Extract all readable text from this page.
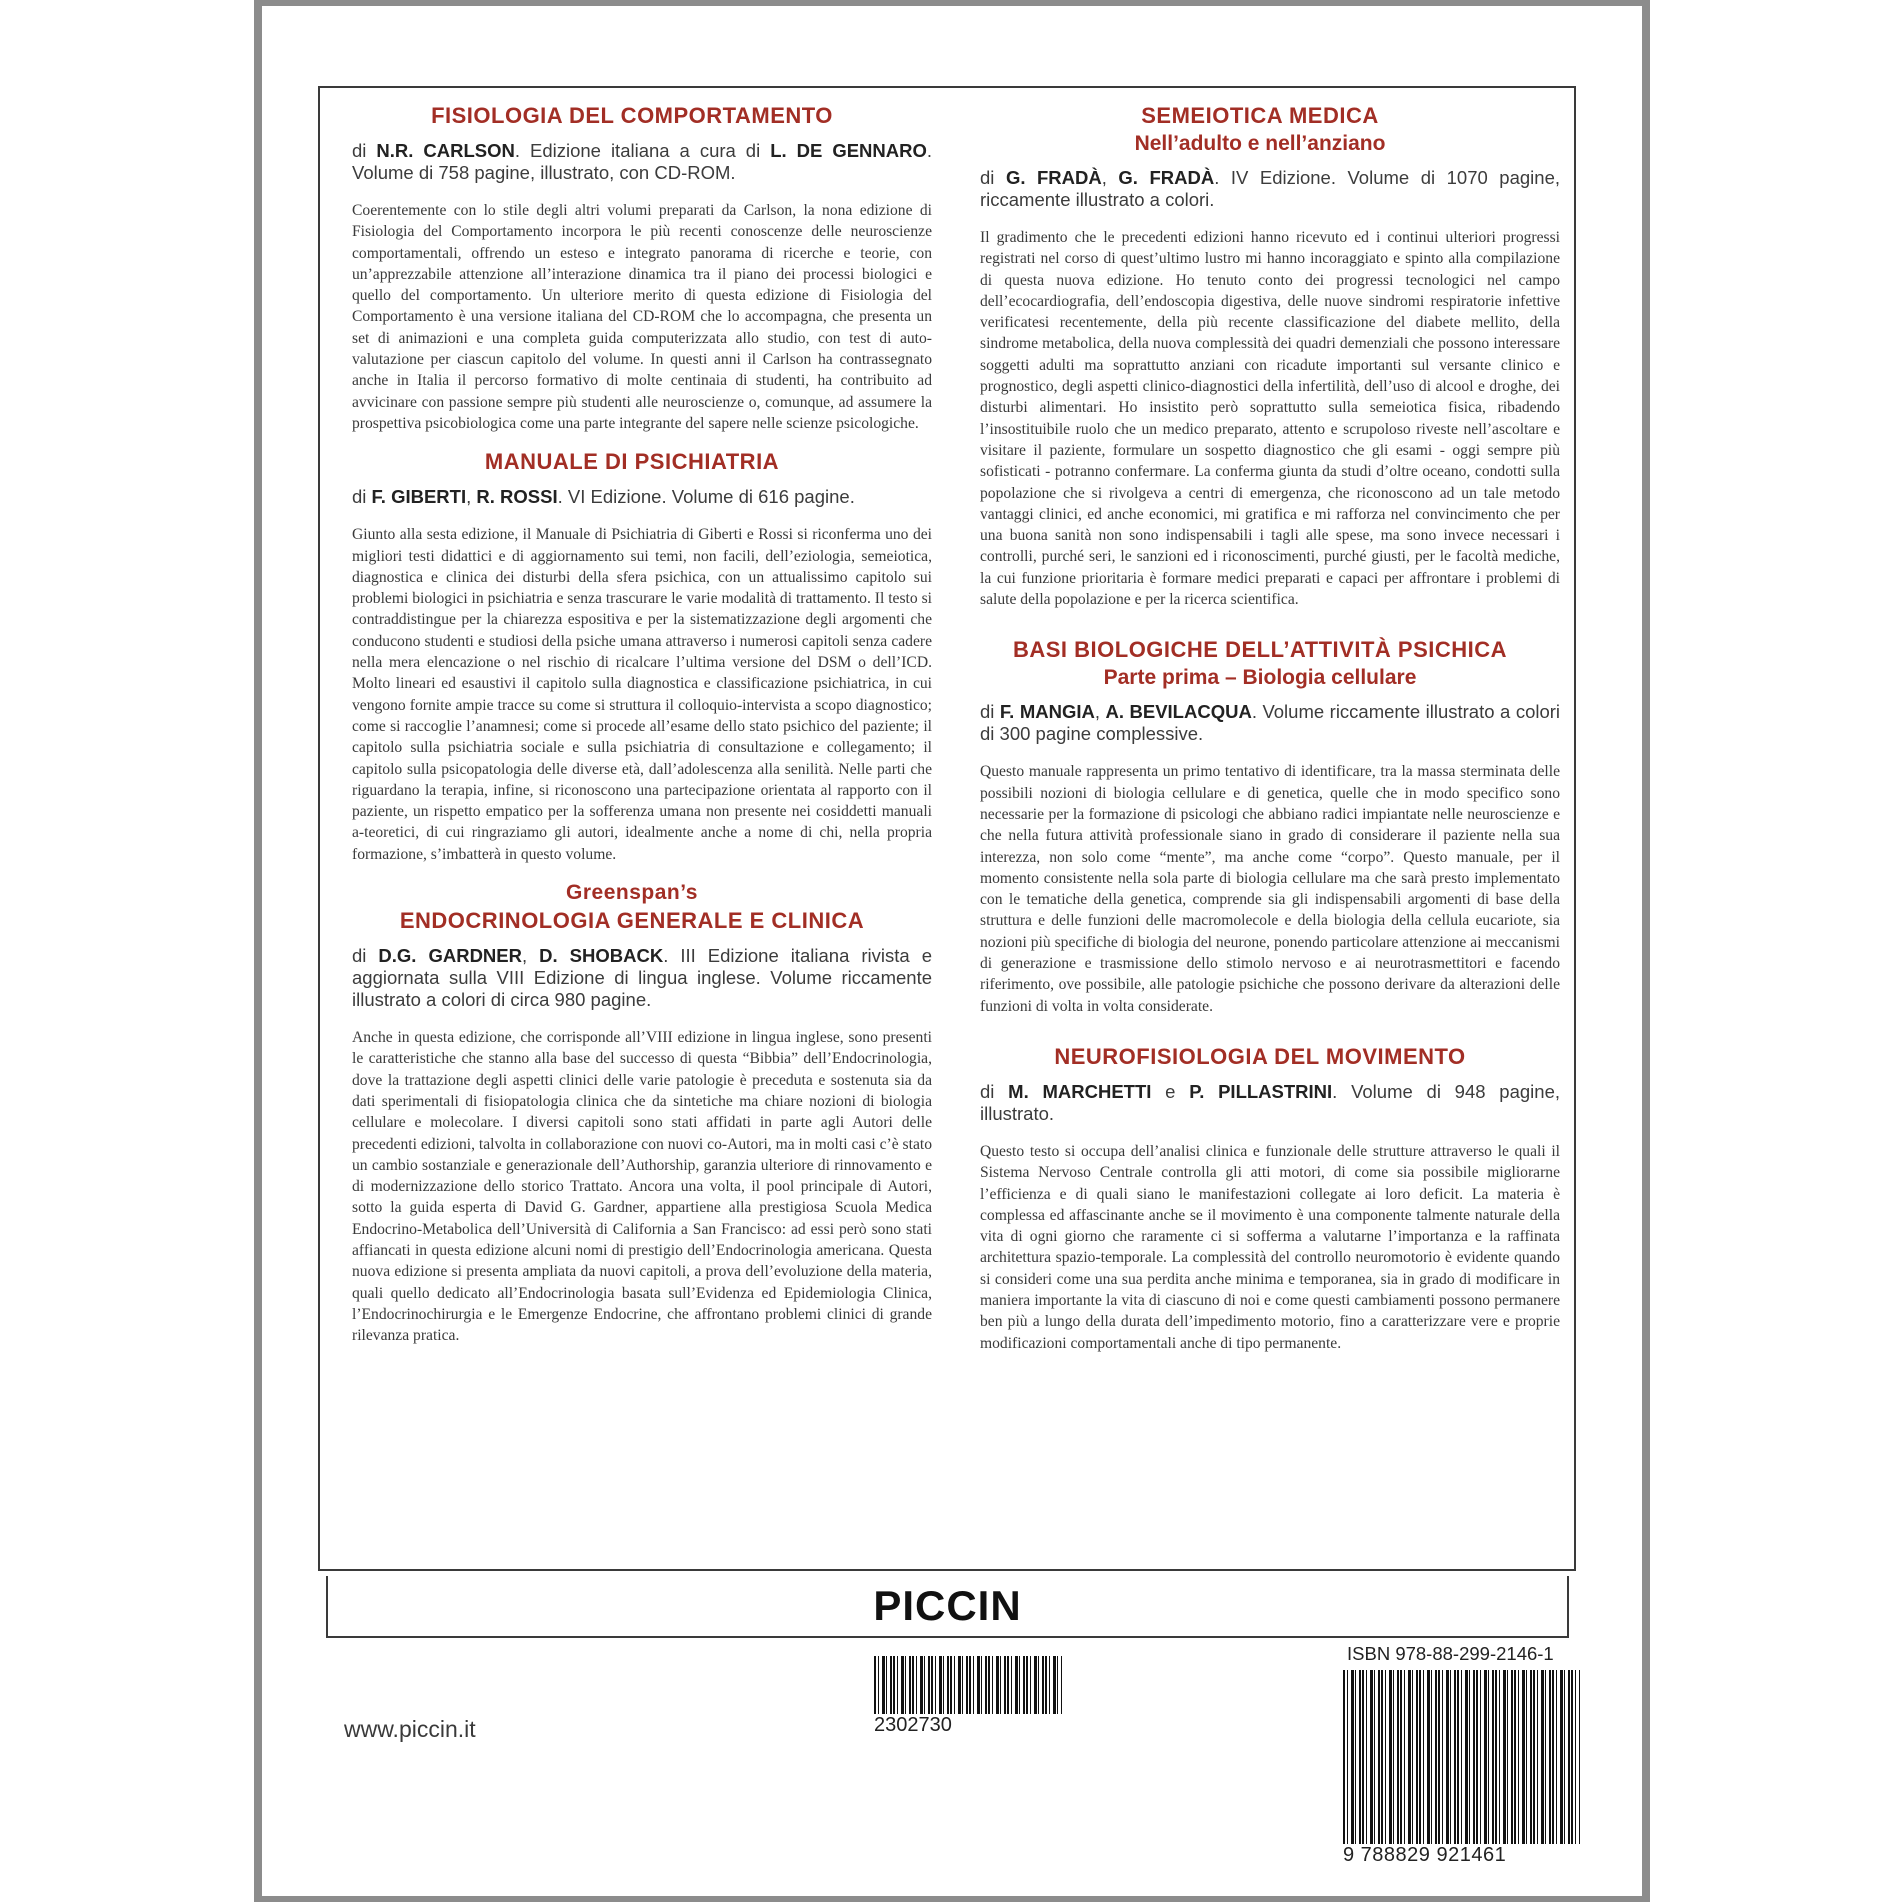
FISIOLOGIA DEL COMPORTAMENTO

di N.R. CARLSON. Edizione italiana a cura di L. DE GENNARO. Volume di 758 pagine, illustrato, con CD-ROM.

Coerentemente con lo stile degli altri volumi preparati da Carlson, la nona edizione di Fisiologia del Comportamento incorpora le più recenti conoscenze delle neuroscienze comportamentali, offrendo un esteso e integrato panorama di ricerche e teorie, con un’apprezzabile attenzione all’interazione dinamica tra il piano dei processi biologici e quello del comportamento. Un ulteriore merito di questa edizione di Fisiologia del Comportamento è una versione italiana del CD-ROM che lo accompagna, che presenta un set di animazioni e una completa guida computerizzata allo studio, con test di auto-valutazione per ciascun capitolo del volume. In questi anni il Carlson ha contrassegnato anche in Italia il percorso formativo di molte centinaia di studenti, ha contribuito ad avvicinare con passione sempre più studenti alle neuroscienze o, comunque, ad assumere la prospettiva psicobiologica come una parte integrante del sapere nelle scienze psicologiche.

MANUALE DI PSICHIATRIA

di F. GIBERTI, R. ROSSI. VI Edizione. Volume di 616 pagine.

Giunto alla sesta edizione, il Manuale di Psichiatria di Giberti e Rossi si riconferma uno dei migliori testi didattici e di aggiornamento sui temi, non facili, dell’eziologia, semeiotica, diagnostica e clinica dei disturbi della sfera psichica, con un attualissimo capitolo sui problemi biologici in psichiatria e senza trascurare le varie modalità di trattamento. Il testo si contraddistingue per la chiarezza espositiva e per la sistematizzazione degli argomenti che conducono studenti e studiosi della psiche umana attraverso i numerosi capitoli senza cadere nella mera elencazione o nel rischio di ricalcare l’ultima versione del DSM o dell’ICD. Molto lineari ed esaustivi il capitolo sulla diagnostica e classificazione psichiatrica, in cui vengono fornite ampie tracce su come si struttura il colloquio-intervista a scopo diagnostico; come si raccoglie l’anamnesi; come si procede all’esame dello stato psichico del paziente; il capitolo sulla psichiatria sociale e sulla psichiatria di consultazione e collegamento; il capitolo sulla psicopatologia delle diverse età, dall’adolescenza alla senilità. Nelle parti che riguardano la terapia, infine, si riconoscono una partecipazione orientata al rapporto con il paziente, un rispetto empatico per la sofferenza umana non presente nei cosiddetti manuali a-teoretici, di cui ringraziamo gli autori, idealmente anche a nome di chi, nella propria formazione, s’imbatterà in questo volume.

Greenspan’s
ENDOCRINOLOGIA GENERALE E CLINICA

di D.G. GARDNER, D. SHOBACK. III Edizione italiana rivista e aggiornata sulla VIII Edizione di lingua inglese. Volume riccamente illustrato a colori di circa 980 pagine.

Anche in questa edizione, che corrisponde all’VIII edizione in lingua inglese, sono presenti le caratteristiche che stanno alla base del successo di questa “Bibbia” dell’Endocrinologia, dove la trattazione degli aspetti clinici delle varie patologie è preceduta e sostenuta sia da dati sperimentali di fisiopatologia clinica che da sintetiche ma chiare nozioni di biologia cellulare e molecolare. I diversi capitoli sono stati affidati in parte agli Autori delle precedenti edizioni, talvolta in collaborazione con nuovi co-Autori, ma in molti casi c’è stato un cambio sostanziale e generazionale dell’Authorship, garanzia ulteriore di rinnovamento e di modernizzazione dello storico Trattato. Ancora una volta, il pool principale di Autori, sotto la guida esperta di David G. Gardner, appartiene alla prestigiosa Scuola Medica Endocrino-Metabolica dell’Università di California a San Francisco: ad essi però sono stati affiancati in questa edizione alcuni nomi di prestigio dell’Endocrinologia americana. Questa nuova edizione si presenta ampliata da nuovi capitoli, a prova dell’evoluzione della materia, quali quello dedicato all’Endocrinologia basata sull’Evidenza ed Epidemiologia Clinica, l’Endocrinochirurgia e le Emergenze Endocrine, che affrontano problemi clinici di grande rilevanza pratica.

SEMEIOTICA MEDICA
Nell’adulto e nell’anziano

di G. FRADÀ, G. FRADÀ. IV Edizione. Volume di 1070 pagine, riccamente illustrato a colori.

Il gradimento che le precedenti edizioni hanno ricevuto ed i continui ulteriori progressi registrati nel corso di quest’ultimo lustro mi hanno incoraggiato e spinto alla compilazione di questa nuova edizione. Ho tenuto conto dei progressi tecnologici nel campo dell’ecocardiografia, dell’endoscopia digestiva, delle nuove sindromi respiratorie infettive verificatesi recentemente, della più recente classificazione del diabete mellito, della sindrome metabolica, della nuova complessità dei quadri demenziali che possono interessare soggetti adulti ma soprattutto anziani con ricadute importanti sul versante clinico e prognostico, degli aspetti clinico-diagnostici della infertilità, dell’uso di alcool e droghe, dei disturbi alimentari. Ho insistito però soprattutto sulla semeiotica fisica, ribadendo l’insostituibile ruolo che un medico preparato, attento e scrupoloso riveste nell’ascoltare e visitare il paziente, formulare un sospetto diagnostico che gli esami - oggi sempre più sofisticati - potranno confermare. La conferma giunta da studi d’oltre oceano, condotti sulla popolazione che si rivolgeva a centri di emergenza, che riconoscono ad un tale metodo vantaggi clinici, ed anche economici, mi gratifica e mi rafforza nel convincimento che per una buona sanità non sono indispensabili i tagli alle spese, ma sono invece necessari i controlli, purché seri, le sanzioni ed i riconoscimenti, purché giusti, per le facoltà mediche, la cui funzione prioritaria è formare medici preparati e capaci per affrontare i problemi di salute della popolazione e per la ricerca scientifica.

BASI BIOLOGICHE DELL’ATTIVITÀ PSICHICA
Parte prima – Biologia cellulare

di F. MANGIA, A. BEVILACQUA. Volume riccamente illustrato a colori di 300 pagine complessive.

Questo manuale rappresenta un primo tentativo di identificare, tra la massa sterminata delle possibili nozioni di biologia cellulare e di genetica, quelle che in modo specifico sono necessarie per la formazione di psicologi che abbiano radici impiantate nelle neuroscienze e che nella futura attività professionale siano in grado di considerare il paziente nella sua interezza, non solo come “mente”, ma anche come “corpo”. Questo manuale, per il momento consistente nella sola parte di biologia cellulare ma che sarà presto implementato con le tematiche della genetica, comprende sia gli indispensabili argomenti di base della struttura e delle funzioni delle macromolecole e della biologia della cellula eucariote, sia nozioni più specifiche di biologia del neurone, ponendo particolare attenzione ai meccanismi di generazione e trasmissione dello stimolo nervoso e ai neurotrasmettitori e facendo riferimento, ove possibile, alle patologie psichiche che possono derivare da alterazioni delle funzioni di volta in volta considerate.

NEUROFISIOLOGIA DEL MOVIMENTO

di M. MARCHETTI e P. PILLASTRINI. Volume di 948 pagine, illustrato.

Questo testo si occupa dell’analisi clinica e funzionale delle strutture attraverso le quali il Sistema Nervoso Centrale controlla gli atti motori, di come sia possibile migliorarne l’efficienza e di quali siano le manifestazioni collegate ai loro deficit. La materia è complessa ed affascinante anche se il movimento è una componente talmente naturale della vita di ogni giorno che raramente ci si sofferma a valutarne l’importanza e la raffinata architettura spazio-temporale. La complessità del controllo neuromotorio è evidente quando si consideri come una sua perdita anche minima e temporanea, sia in grado di modificare in maniera importante la vita di ciascuno di noi e come questi cambiamenti possono permanere ben più a lungo della durata dell’impedimento motorio, fino a caratterizzare vere e proprie modificazioni comportamentali anche di tipo permanente.

PICCIN
www.piccin.it	2302730
ISBN 978-88-299-2146-1
9 788829 921461
